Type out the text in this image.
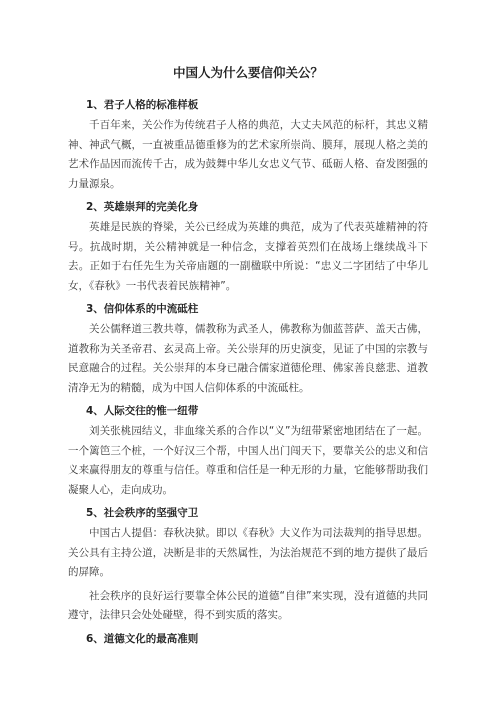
中国人为什么要信仰关公？
1、君子人格的标准样板
千百年来，关公作为传统君子人格的典范，大丈夫风范的标杆，其忠义精神、神武气概，一直被重品德重修为的艺术家所崇尚、膜拜，展现人格之美的艺术作品因而流传千古，成为鼓舞中华儿女忠义气节、砥砺人格、奋发图强的力量源泉。
2、英雄崇拜的完美化身
英雄是民族的脊梁，关公已经成为英雄的典范，成为了代表英雄精神的符号。抗战时期，关公精神就是一种信念，支撑着英烈们在战场上继续战斗下去。正如于右任先生为关帝庙题的一副楹联中所说：“忠义二字团结了中华儿女，《春秋》一书代表着民族精神”。
3、信仰体系的中流砥柱
关公儒释道三教共尊，儒教称为武圣人，佛教称为伽蓝菩萨、盖天古佛，道教称为关圣帝君、玄灵高上帝。关公崇拜的历史演变，见证了中国的宗教与民意融合的过程。关公崇拜的本身已融合儒家道德伦理、佛家善良慈悲、道教清净无为的精髓，成为中国人信仰体系的中流砥柱。
4、人际交往的惟一纽带
刘关张桃园结义，非血缘关系的合作以“义”为纽带紧密地团结在了一起。一个篱笆三个桩，一个好汉三个帮，中国人出门闯天下，要靠关公的忠义和信义来赢得朋友的尊重与信任。尊重和信任是一种无形的力量，它能够帮助我们凝聚人心，走向成功。
5、社会秩序的坚强守卫
中国古人提倡：春秋决狱。即以《春秋》大义作为司法裁判的指导思想。关公具有主持公道，决断是非的天然属性，为法治规范不到的地方提供了最后的屏障。
社会秩序的良好运行要靠全体公民的道德“自律”来实现，没有道德的共同遵守，法律只会处处碰壁，得不到实质的落实。
6、道德文化的最高准则
